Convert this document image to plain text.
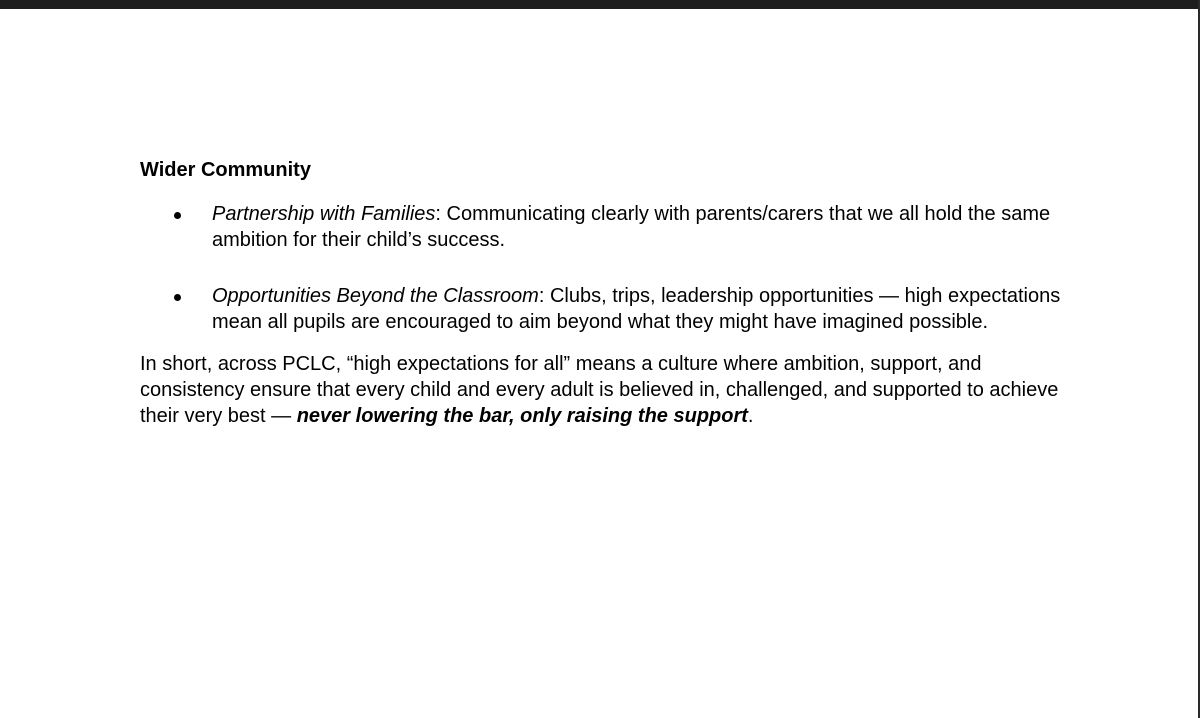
Wider Community
Partnership with Families: Communicating clearly with parents/carers that we all hold the same ambition for their child’s success.
Opportunities Beyond the Classroom: Clubs, trips, leadership opportunities — high expectations mean all pupils are encouraged to aim beyond what they might have imagined possible.

In short, across PCLC, “high expectations for all” means a culture where ambition, support, and consistency ensure that every child and every adult is believed in, challenged, and supported to achieve their very best — never lowering the bar, only raising the support.
